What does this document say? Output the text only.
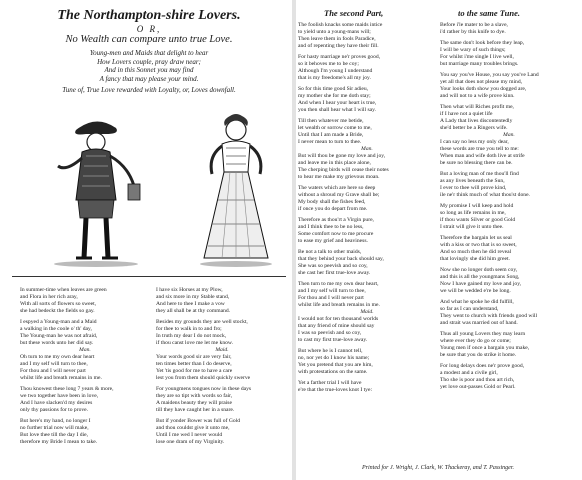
The Northampton-shire Lovers.
O R,
No Wealth can compare unto true Love.
Young-men and Maids that delight to hear
How Lovers couple, pray draw near;
And in this Sonnet you may find
A fancy that may please your mind.
Tune of, True Love rewarded with Loyalty, or, Loves downfall.
In summer-time when leaves are green
and Flora in her rich aray,
With all sorts of flowers so sweet,
she had bedeckt the fields so gay.
I espyed a Young-man and a Maid
a walking in the coole o' th' day,
The Young-man he was not afraid,
but these words unto her did say.
Man.
Oh turn to me my own dear heart
and I my self will turn to thee,
For thou and I will never part
whilst life and breath remains in me.
Thou knowest these long 7 years & more,
we two together have been in love,
And I have slacken'd my desires
only thy passions for to prove.
But here's my hand, no longer I
no further trial now will make,
But love thee till the day I die,
therefore my Bride I mean to take.
I have six Horses at my Plow,
and six more in my Stable stand,
And here to thee I make a vow
they all shall be at thy command.
Besides my grounds they are well stockt,
for thee to walk in to and fro;
In truth my dear I do not mock,
if thou canst love me let me know.
Maid.
Your words good sir are very fair,
ten times better than I do deserve,
Yet 'tis good for me to have a care
lest you from them should quickly swerve
For youngmens tongues now in these days
they are so tipt with words so fair,
A maidens beauty they will praise
till they have caught her in a snare.
But if yonder Bower was full of Gold
and thou couldst give it unto me,
Until I me wed I never would
lose one dram of my Virginity.
The second Part,	to the same Tune.
The foolish knacks some maids intice
to yield unto a young-mans will;
Then leave them in fools Paradice,
and of repenting they have their fill.
For hasty marriage ne'r proves good,
so it behoves me to be coy;
Although I'm young I understand
that is my freedome's all my joy.
So for this time good Sir adieu,
my mother she for me doth stay;
And when I hear your heart is true,
you then shall hear what I will say.
Till then whatever me betide,
let wealth or sorrow come to me,
Until that I am made a Bride,
I never mean to turn to thee.
Man.
But will thou be gone my love and joy,
and leave me in this place alone,
The cherping birds will cease their notes
to hear me make my grievous moan.
The waters which are here so deep
without a shroud my Grave shall be;
My body shall the fishes feed,
if once you do depart from me.
Therefore as thou'rt a Virgin pure,
and I think thee to be no less,
Some comfort now to me procure
to ease my grief and heaviness.
Be not a talk to other maids,
that they behind your back should say,
She was so peevish and so coy,
she cast her first true-love away.
Then turn to me my own dear heart,
and I my self will turn to thee,
For thou and I will never part
whilst life and breath remains in me.
Maid.
I would not for ten thousand worlds
that any friend of mine should say
I was so peevish and so coy,
to cast my first true-love away.
But where he is I cannot tell,
no, nor yet do I know his name;
Yet you pretend that you are him,
with protestations on the same.
Yet a farther trial I will have
e're that the true-loves knot I tye:
Before i'le mater to be a slave,
i'd rather by this knife to dye.
The same don't look before they leap,
I will be wary of such things;
For whilst i'me single I live well,
but marriage many troubles brings.
You say you've House, you say you've Land
yet all that does not please my mind,
Your looks doth show you dogged are,
and will not to a wife prove kinn.
Then what will Riches profit me,
if I have not a quiet life
A Lady that lives discontentedly
she'd better be a Ringers wife.
Man.
I can say no less my only dear,
these words are true you tell to me:
When man and wife doth live at strife
be sure no blessing there can be.
But a loving man of me thou'll find
as any lives beneath the Sun,
I ever to thee will prove kind,
ile ne'r think much of what thou'st done.
My promise I will keep and hold
so long as life remains in me,
if thou wants Silver or good Gold
I strait will give it unto thee.
Therefore the bargain let us seal
with a kiss or two that is so sweet,
And so much then he did reveal
that lovingly she did him greet.
Now she no longer doth seem coy,
and this is all the youngmans Song,
Now I have gained my love and joy,
we will be wedded e're be long.
And what he spoke he did fulfill,
so far as I can understand,
They went to church with friends good will
and strait was married out of hand.
Thus all young Lovers they may learn
where ever they do go or come;
Young men if once a bargain you make,
be sure that you do strike it home.
For long delays does ne'r prove good,
a modest and a civile girl,
Tho she is poor and thou art rich,
yet love out-passes Gold or Pearl.
Printed for J. Wright, J. Clark, W. Thackeray, and T. Passinger.
